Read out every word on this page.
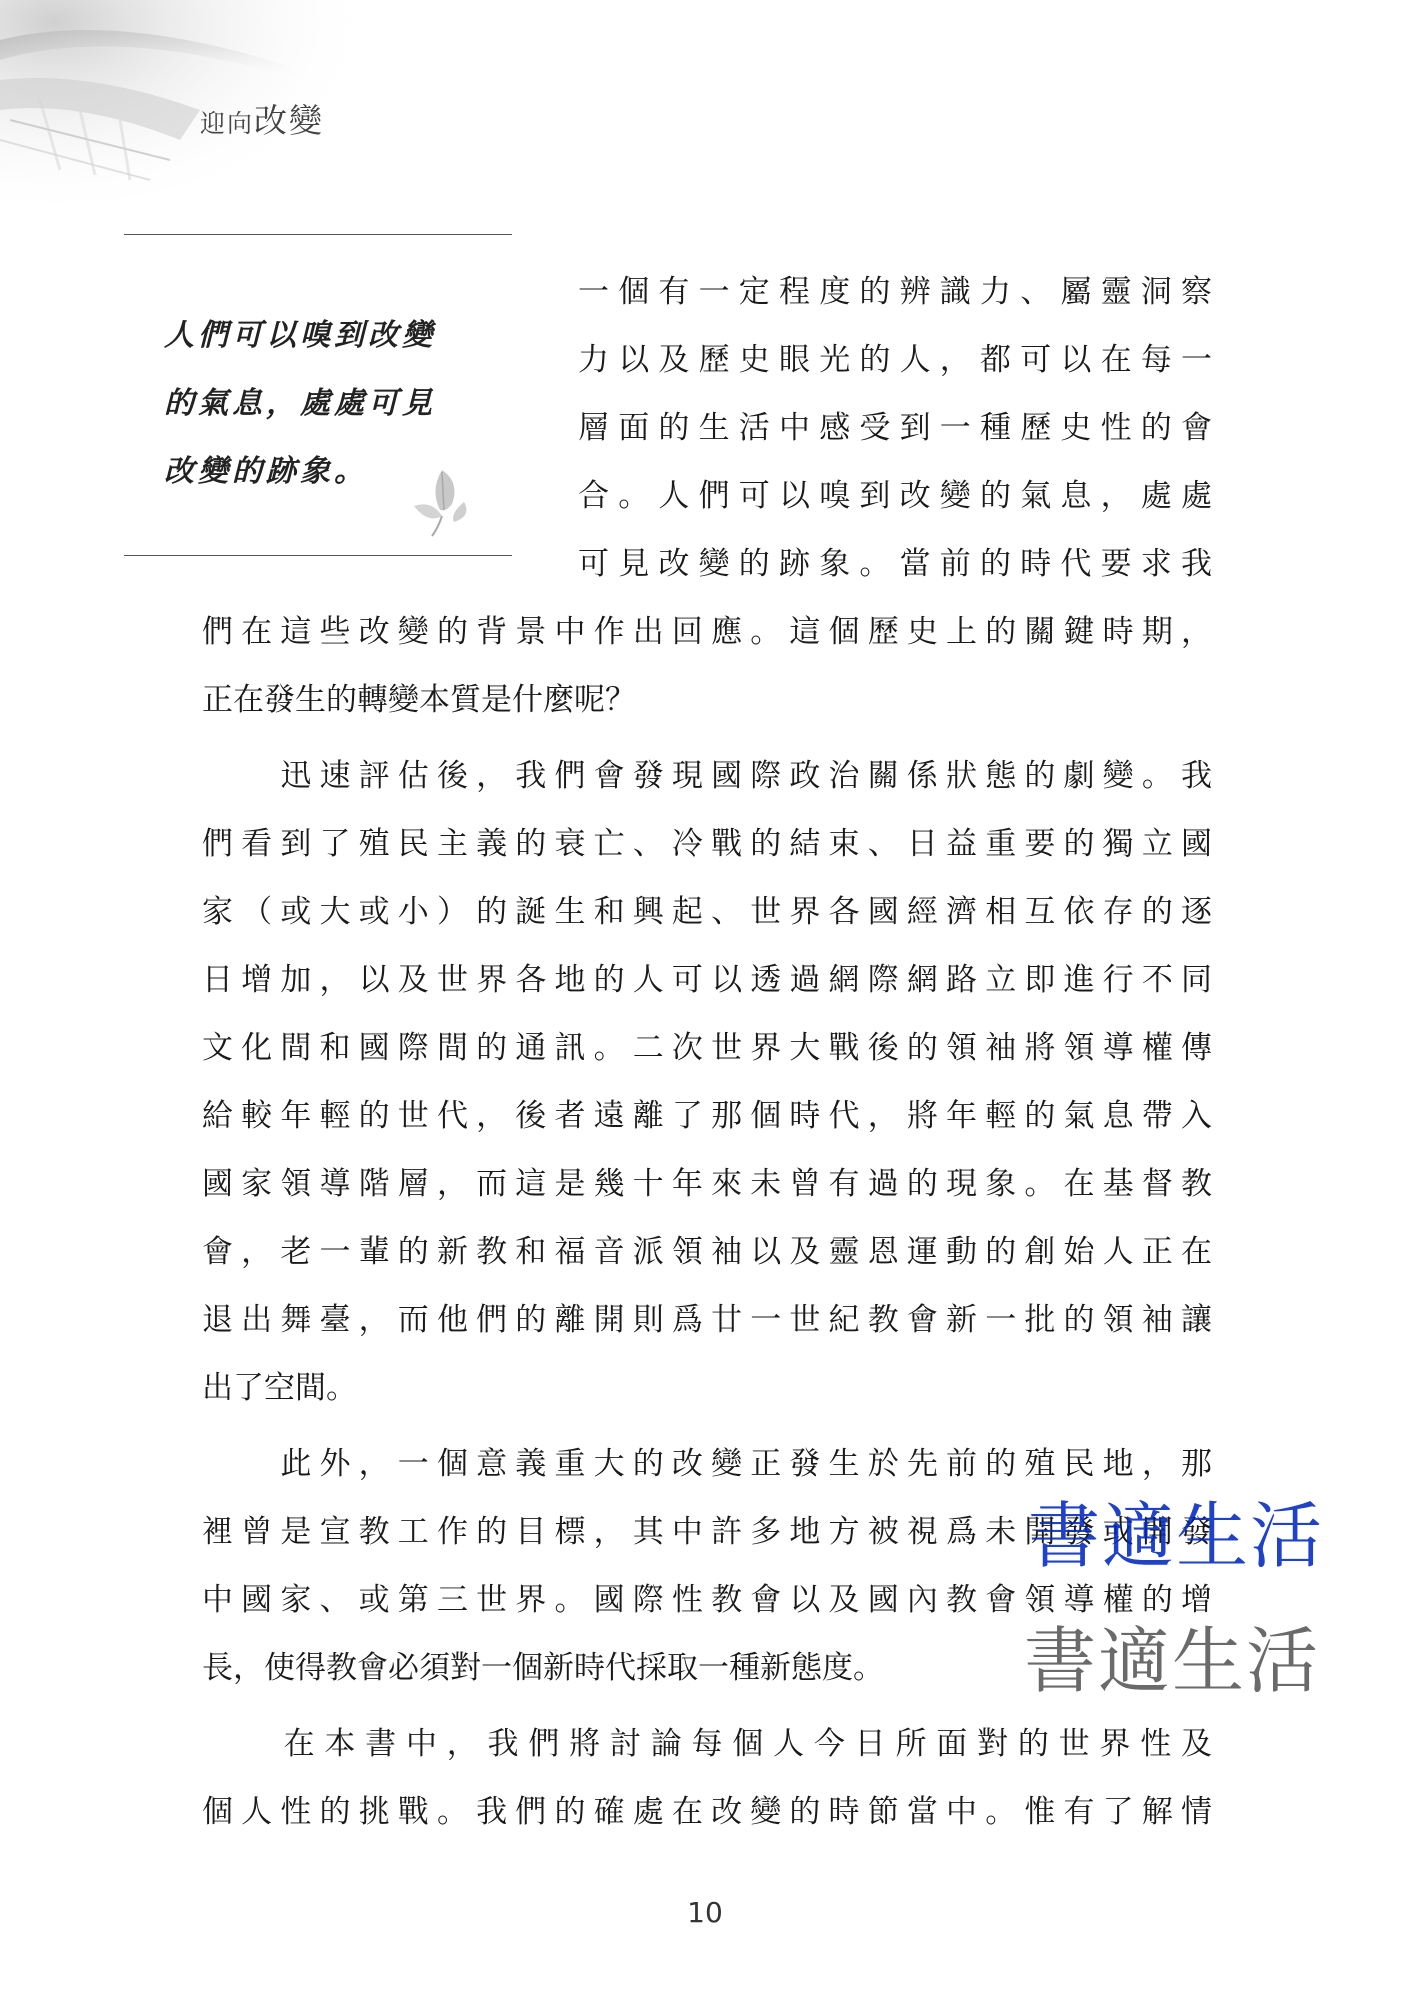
迎向改變
人們可以嗅到改變
的氣息，處處可見
改變的跡象。
一個有一定程度的辨識力、屬靈洞察
力以及歷史眼光的人，都可以在每一
層面的生活中感受到一種歷史性的會
合。人們可以嗅到改變的氣息，處處
可見改變的跡象。當前的時代要求我
們在這些改變的背景中作出回應。這個歷史上的關鍵時期，
正在發生的轉變本質是什麼呢？
　　迅速評估後，我們會發現國際政治關係狀態的劇變。我
們看到了殖民主義的衰亡、冷戰的結束、日益重要的獨立國
家（或大或小）的誕生和興起、世界各國經濟相互依存的逐
日增加，以及世界各地的人可以透過網際網路立即進行不同
文化間和國際間的通訊。二次世界大戰後的領袖將領導權傳
給較年輕的世代，後者遠離了那個時代，將年輕的氣息帶入
國家領導階層，而這是幾十年來未曾有過的現象。在基督教
會，老一輩的新教和福音派領袖以及靈恩運動的創始人正在
退出舞臺，而他們的離開則爲廿一世紀教會新一批的領袖讓
出了空間。
　　此外，一個意義重大的改變正發生於先前的殖民地，那
裡曾是宣教工作的目標，其中許多地方被視爲未開發或開發
中國家、或第三世界。國際性教會以及國內教會領導權的增
長，使得教會必須對一個新時代採取一種新態度。
　　在本書中，我們將討論每個人今日所面對的世界性及
個人性的挑戰。我們的確處在改變的時節當中。惟有了解情
書適生活
書適生活
10
